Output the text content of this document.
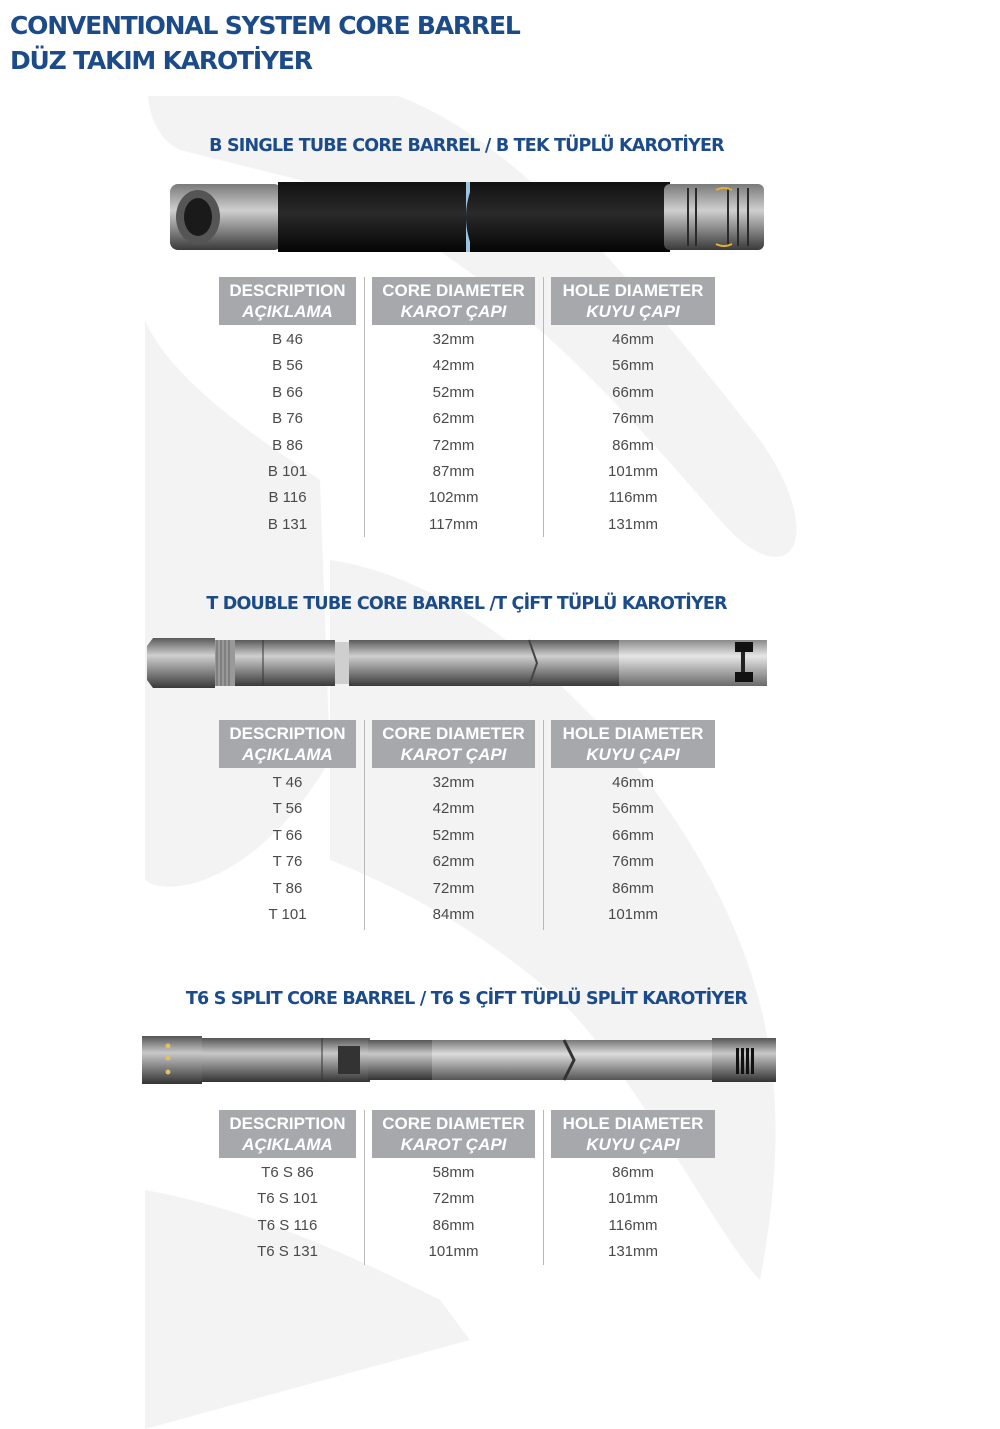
CONVENTIONAL SYSTEM CORE BARREL
DÜZ TAKIM KAROTİYER
B SINGLE TUBE CORE BARREL / B TEK TÜPLÜ KAROTİYER
DESCRIPTION
AÇIKLAMA
CORE DIAMETER
KAROT ÇAPI
HOLE DIAMETER
KUYU ÇAPI
B 46	32mm	46mm
B 56	42mm	56mm
B 66	52mm	66mm
B 76	62mm	76mm
B 86	72mm	86mm
B 101	87mm	101mm
B 116	102mm	116mm
B 131	117mm	131mm
T DOUBLE TUBE CORE BARREL /T ÇİFT TÜPLÜ KAROTİYER
DESCRIPTION
AÇIKLAMA
CORE DIAMETER
KAROT ÇAPI
HOLE DIAMETER
KUYU ÇAPI
T 46	32mm	46mm
T 56	42mm	56mm
T 66	52mm	66mm
T 76	62mm	76mm
T 86	72mm	86mm
T 101	84mm	101mm
T6 S SPLIT CORE BARREL / T6 S ÇİFT TÜPLÜ SPLİT KAROTİYER
DESCRIPTION
AÇIKLAMA
CORE DIAMETER
KAROT ÇAPI
HOLE DIAMETER
KUYU ÇAPI
T6 S 86	58mm	86mm
T6 S 101	72mm	101mm
T6 S 116	86mm	116mm
T6 S 131	101mm	131mm
